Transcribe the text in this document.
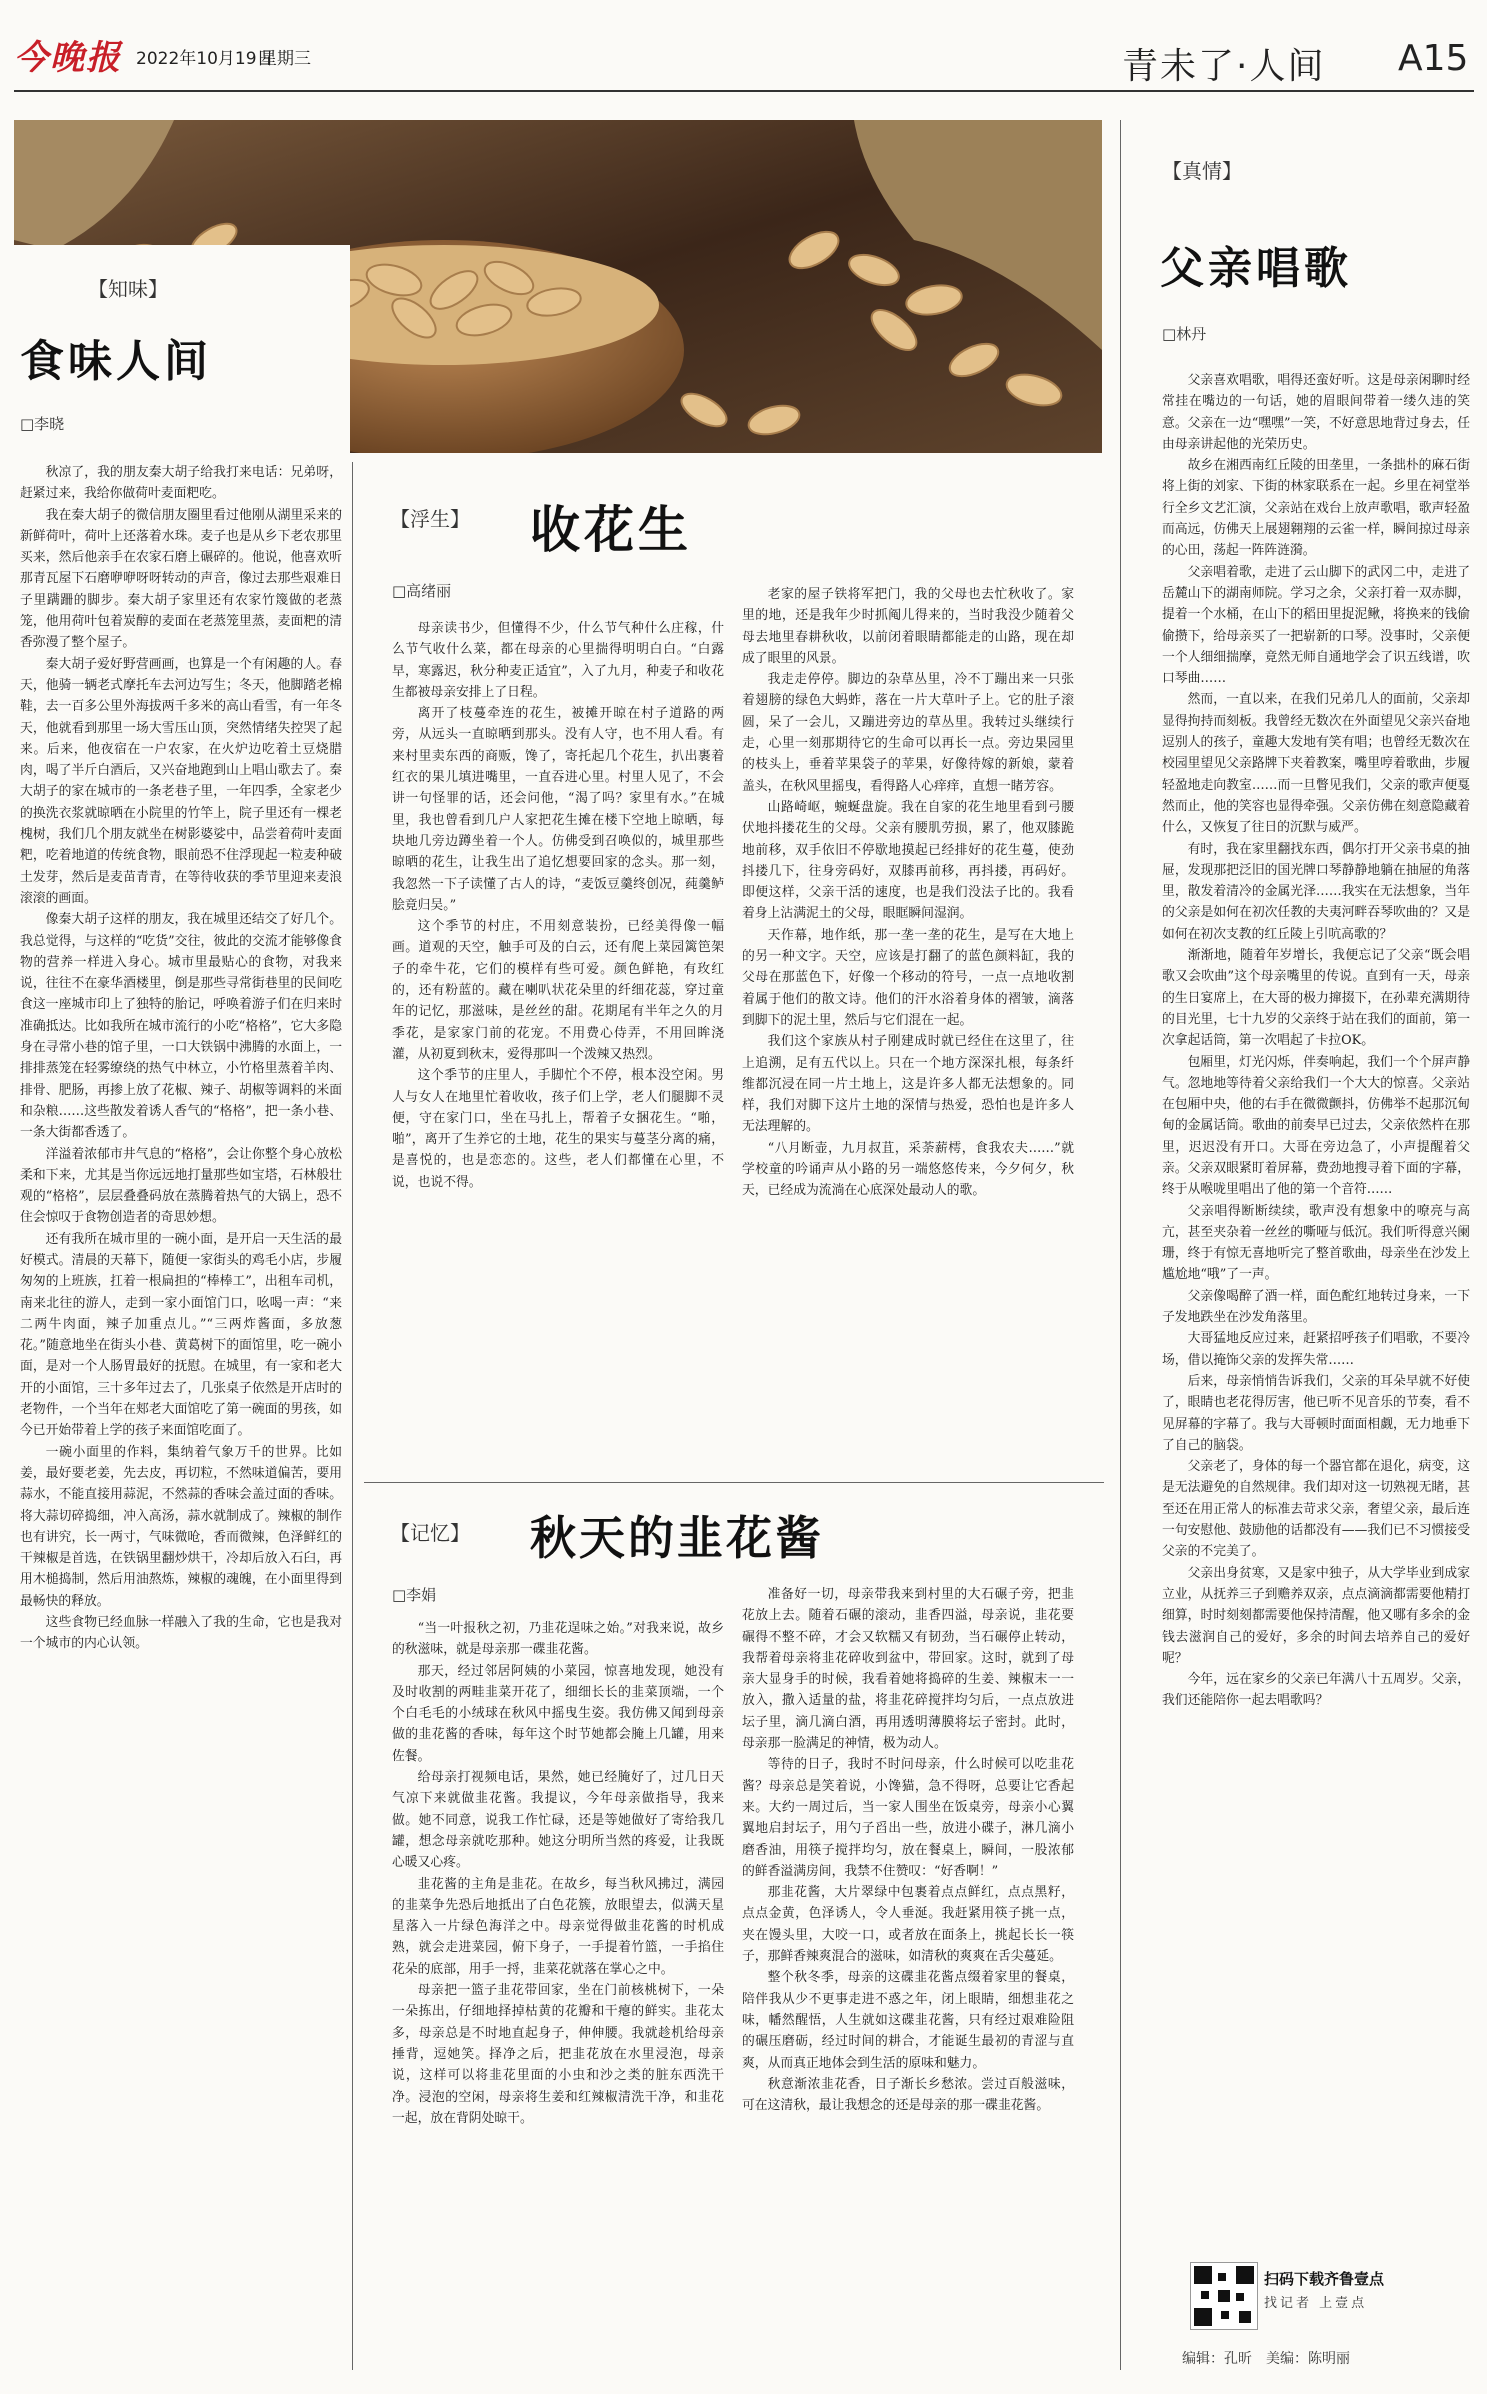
今晚报 2022年10月19日
星期三	青未了·人间 A15
【知味】
食味人间
□李晓

秋凉了，我的朋友秦大胡子给我打来电话：兄弟呀，赶紧过来，我给你做荷叶麦面粑吃。

我在秦大胡子的微信朋友圈里看过他刚从湖里采来的新鲜荷叶，荷叶上还落着水珠。麦子也是从乡下老农那里买来，然后他亲手在农家石磨上碾碎的。他说，他喜欢听那青瓦屋下石磨咿咿呀呀转动的声音，像过去那些艰难日子里蹒跚的脚步。秦大胡子家里还有农家竹篾做的老蒸笼，他用荷叶包着炭醇的麦面在老蒸笼里蒸，麦面粑的清香弥漫了整个屋子。

秦大胡子爱好野营画画，也算是一个有闲趣的人。春天，他骑一辆老式摩托车去河边写生；冬天，他脚踏老棉鞋，去一百多公里外海拔两千多米的高山看雪，有一年冬天，他就看到那里一场大雪压山顶，突然情绪失控哭了起来。后来，他夜宿在一户农家，在火炉边吃着土豆烧腊肉，喝了半斤白酒后，又兴奋地跑到山上唱山歌去了。秦大胡子的家在城市的一条老巷子里，一年四季，全家老少的换洗衣浆就晾晒在小院里的竹竿上，院子里还有一棵老槐树，我们几个朋友就坐在树影婆娑中，品尝着荷叶麦面粑，吃着地道的传统食物，眼前恐不住浮现起一粒麦种破土发芽，然后是麦苗青青，在等待收获的季节里迎来麦浪滚滚的画面。

像秦大胡子这样的朋友，我在城里还结交了好几个。我总觉得，与这样的“吃货”交往，彼此的交流才能够像食物的营养一样进入身心。城市里最贴心的食物，对我来说，往往不在豪华酒楼里，倒是那些寻常街巷里的民间吃食这一座城市印上了独特的胎记，呼唤着游子们在归来时准确抵达。比如我所在城市流行的小吃“格格”，它大多隐身在寻常小巷的馆子里，一口大铁锅中沸腾的水面上，一排排蒸笼在轻雾缭绕的热气中林立，小竹格里蒸着羊肉、排骨、肥肠，再掺上放了花椒、辣子、胡椒等调料的米面和杂粮……这些散发着诱人香气的“格格”，把一条小巷、一条大街都香透了。

洋溢着浓郁市井气息的“格格”，会让你整个身心放松柔和下来，尤其是当你远远地打量那些如宝塔，石林般壮观的“格格”，层层叠叠码放在蒸腾着热气的大锅上，恐不住会惊叹于食物创造者的奇思妙想。

还有我所在城市里的一碗小面，是开启一天生活的最好模式。清晨的天幕下，随便一家街头的鸡毛小店，步履匆匆的上班族，扛着一根扁担的“棒棒工”，出租车司机，南来北往的游人，走到一家小面馆门口，吆喝一声：“来二两牛肉面，辣子加重点儿。”“三两炸酱面，多放葱花。”随意地坐在街头小巷、黄葛树下的面馆里，吃一碗小面，是对一个人肠胃最好的抚慰。在城里，有一家和老大开的小面馆，三十多年过去了，几张桌子依然是开店时的老物件，一个当年在郏老大面馆吃了第一碗面的男孩，如今已开始带着上学的孩子来面馆吃面了。

一碗小面里的作料，集纳着气象万千的世界。比如姜，最好要老姜，先去皮，再切粒，不然味道偏苦，要用蒜水，不能直接用蒜泥，不然蒜的香味会盖过面的香味。将大蒜切碎捣细，冲入高汤，蒜水就制成了。辣椒的制作也有讲究，长一两寸，气味微呛，香而微辣，色泽鲜红的干辣椒是首选，在铁锅里翻炒烘干，冷却后放入石臼，再用木槌捣制，然后用油熬炼，辣椒的魂魄，在小面里得到最畅快的释放。

这些食物已经血脉一样融入了我的生命，它也是我对一个城市的内心认领。

【浮生】 收花生
□高绪丽

母亲读书少，但懂得不少，什么节气种什么庄稼，什么节气收什么菜，都在母亲的心里揣得明明白白。“白露早，寒露迟，秋分种麦正适宜”，入了九月，种麦子和收花生都被母亲安排上了日程。

离开了枝蔓牵连的花生，被摊开晾在村子道路的两旁，从远头一直晾晒到那头。没有人守，也不用人看。有来村里卖东西的商贩，馋了，寄托起几个花生，扒出裹着红衣的果儿填进嘴里，一直吞进心里。村里人见了，不会讲一句怪罪的话，还会问他，“渴了吗？家里有水。”在城里，我也曾看到几户人家把花生摊在楼下空地上晾晒，每块地几旁边蹲坐着一个人。仿佛受到召唤似的，城里那些晾晒的花生，让我生出了追忆想要回家的念头。那一刻，我忽然一下子读懂了古人的诗，“麦饭豆羹终创况，莼羹鲈脍竟归吴。”

这个季节的村庄，不用刻意装扮，已经美得像一幅画。道观的天空，触手可及的白云，还有爬上菜园篱笆架子的牵牛花，它们的模样有些可爱。颜色鲜艳，有玫红的，还有粉蓝的。藏在喇叭状花朵里的纤细花蕊，穿过童年的记忆，那滋味，是丝丝的甜。花期尾有半年之久的月季花，是家家门前的花宠。不用费心侍弄，不用回眸浇灌，从初夏到秋末，爱得那叫一个泼辣又热烈。

这个季节的庄里人，手脚忙个不停，根本没空闲。男人与女人在地里忙着收收，孩子们上学，老人们腿脚不灵便，守在家门口，坐在马扎上，帮着子女捆花生。“啪，啪”，离开了生养它的土地，花生的果实与蔓茎分离的痛，是喜悦的，也是恋恋的。这些，老人们都懂在心里，不说，也说不得。

老家的屋子铁将军把门，我的父母也去忙秋收了。家里的地，还是我年少时抓阄儿得来的，当时我没少随着父母去地里春耕秋收，以前闭着眼睛都能走的山路，现在却成了眼里的风景。

我走走停停。脚边的杂草丛里，冷不丁蹦出来一只张着翅膀的绿色大蚂蚱，落在一片大草叶子上。它的肚子滚圆，呆了一会儿，又蹦进旁边的草丛里。我转过头继续行走，心里一刻那期待它的生命可以再长一点。旁边果园里的枝头上，垂着苹果袋子的苹果，好像待嫁的新娘，蒙着盖头，在秋风里摇曳，看得路人心痒痒，直想一睹芳容。

山路崎岖，蜿蜒盘旋。我在自家的花生地里看到弓腰伏地抖搂花生的父母。父亲有腰肌劳损，累了，他双膝跪地前移，双手依旧不停歇地摸起已经排好的花生蔓，使劲抖搂几下，往身旁码好，双膝再前移，再抖搂，再码好。即便这样，父亲干活的速度，也是我们没法子比的。我看着身上沾满泥土的父母，眼眶瞬间湿润。

天作幕，地作纸，那一垄一垄的花生，是写在大地上的另一种文字。天空，应该是打翻了的蓝色颜料缸，我的父母在那蓝色下，好像一个移动的符号，一点一点地收割着属于他们的散文诗。他们的汗水浴着身体的褶皱，滴落到脚下的泥土里，然后与它们混在一起。

我们这个家族从村子刚建成时就已经住在这里了，往上追溯，足有五代以上。只在一个地方深深扎根，每条纤维都沉浸在同一片土地上，这是许多人都无法想象的。同样，我们对脚下这片土地的深情与热爱，恐怕也是许多人无法理解的。

“八月断壶，九月叔苴，采荼薪樗，食我农夫……”就学校童的吟诵声从小路的另一端悠悠传来，今夕何夕，秋天，已经成为流淌在心底深处最动人的歌。

【记忆】 秋天的韭花酱
□李娟

“当一叶报秋之初，乃韭花逞味之始。”对我来说，故乡的秋滋味，就是母亲那一碟韭花酱。

那天，经过邻居阿姨的小菜园，惊喜地发现，她没有及时收割的两畦韭菜开花了，细细长长的韭菜顶端，一个个白毛毛的小绒球在秋风中摇曳生姿。我仿佛又闻到母亲做的韭花酱的香味，每年这个时节她都会腌上几罐，用来佐餐。

给母亲打视频电话，果然，她已经腌好了，过几日天气凉下来就做韭花酱。我提议，今年母亲做指导，我来做。她不同意，说我工作忙碌，还是等她做好了寄给我几罐，想念母亲就吃那种。她这分明所当然的疼爱，让我既心暖又心疼。

韭花酱的主角是韭花。在故乡，每当秋风拂过，满园的韭菜争先恐后地抵出了白色花簇，放眼望去，似满天星星落入一片绿色海洋之中。母亲觉得做韭花酱的时机成熟，就会走进菜园，俯下身子，一手提着竹篮，一手掐住花朵的底部，用手一捋，韭菜花就落在掌心之中。

母亲把一篮子韭花带回家，坐在门前核桃树下，一朵一朵拣出，仔细地择掉枯黄的花瓣和干瘪的鲜实。韭花太多，母亲总是不时地直起身子，伸伸腰。我就趁机给母亲捶背，逗她笑。择净之后，把韭花放在水里浸泡，母亲说，这样可以将韭花里面的小虫和沙之类的脏东西洗干净。浸泡的空闲，母亲将生姜和红辣椒清洗干净，和韭花一起，放在背阴处晾干。

准备好一切，母亲带我来到村里的大石碾子旁，把韭花放上去。随着石碾的滚动，韭香四溢，母亲说，韭花要碾得不整不碎，才会又软糯又有韧劲，当石碾停止转动，我帮着母亲将韭花碎收到盆中，带回家。这时，就到了母亲大显身手的时候，我看着她将捣碎的生姜、辣椒末一一放入，撒入适量的盐，将韭花碎搅拌均匀后，一点点放进坛子里，滴几滴白酒，再用透明薄膜将坛子密封。此时，母亲那一脸满足的神情，极为动人。

等待的日子，我时不时问母亲，什么时候可以吃韭花酱？母亲总是笑着说，小馋猫，急不得呀，总要让它香起来。大约一周过后，当一家人围坐在饭桌旁，母亲小心翼翼地启封坛子，用勺子舀出一些，放进小碟子，淋几滴小磨香油，用筷子搅拌均匀，放在餐桌上，瞬间，一股浓郁的鲜香溢满房间，我禁不住赞叹：“好香啊！”

那韭花酱，大片翠绿中包裹着点点鲜红，点点黑籽，点点金黄，色泽诱人，令人垂涎。我赶紧用筷子挑一点，夹在馒头里，大咬一口，或者放在面条上，挑起长长一筷子，那鲜香辣爽混合的滋味，如清秋的爽爽在舌尖蔓延。

整个秋冬季，母亲的这碟韭花酱点缀着家里的餐桌，陪伴我从少不更事走进不惑之年，闭上眼睛，细想韭花之味，幡然醒悟，人生就如这碟韭花酱，只有经过艰难险阻的碾压磨砺，经过时间的耕合，才能诞生最初的青涩与直爽，从而真正地体会到生活的原味和魅力。

秋意渐浓韭花香，日子渐长乡愁浓。尝过百般滋味，可在这清秋，最让我想念的还是母亲的那一碟韭花酱。

【真情】
父亲唱歌
□林丹

父亲喜欢唱歌，唱得还蛮好听。这是母亲闲聊时经常挂在嘴边的一句话，她的眉眼间带着一缕久违的笑意。父亲在一边“嘿嘿”一笑，不好意思地背过身去，任由母亲讲起他的光荣历史。

故乡在湘西南红丘陵的田垄里，一条拙朴的麻石街将上街的刘家、下街的林家联系在一起。乡里在祠堂举行全乡文艺汇演，父亲站在戏台上放声歌唱，歌声轻盈而高远，仿佛天上展翅翱翔的云雀一样，瞬间掠过母亲的心田，荡起一阵阵涟漪。

父亲唱着歌，走进了云山脚下的武冈二中，走进了岳麓山下的湖南师院。学习之余，父亲打着一双赤脚，提着一个水桶，在山下的稻田里捉泥鳅，将换来的钱偷偷攒下，给母亲买了一把崭新的口琴。没事时，父亲便一个人细细揣摩，竟然无师自通地学会了识五线谱，吹口琴曲……

然而，一直以来，在我们兄弟几人的面前，父亲却显得拘持而刻板。我曾经无数次在外面望见父亲兴奋地逗别人的孩子，童趣大发地有笑有唱；也曾经无数次在校园里望见父亲路牌下夹着教案，嘴里哼着歌曲，步履轻盈地走向教室……而一旦瞥见我们，父亲的歌声便戛然而止，他的笑容也显得牵强。父亲仿佛在刻意隐藏着什么，又恢复了往日的沉默与威严。

有时，我在家里翻找东西，偶尔打开父亲书桌的抽屉，发现那把泛旧的国光牌口琴静静地躺在抽屉的角落里，散发着清冷的金属光泽……我实在无法想象，当年的父亲是如何在初次任教的夫夷河畔吞琴吹曲的？又是如何在初次支教的红丘陵上引吭高歌的？

渐渐地，随着年岁增长，我便忘记了父亲“既会唱歌又会吹曲”这个母亲嘴里的传说。直到有一天，母亲的生日宴席上，在大哥的极力撺掇下，在孙辈充满期待的目光里，七十九岁的父亲终于站在我们的面前，第一次拿起话筒，第一次唱起了卡拉OK。

包厢里，灯光闪烁，伴奏响起，我们一个个屏声静气。忽地地等待着父亲给我们一个大大的惊喜。父亲站在包厢中央，他的右手在微微颤抖，仿佛举不起那沉甸甸的金属话筒。歌曲的前奏早已过去，父亲依然杵在那里，迟迟没有开口。大哥在旁边急了，小声提醒着父亲。父亲双眼紧盯着屏幕，费劲地搜寻着下面的字幕，终于从喉咙里唱出了他的第一个音符……

父亲唱得断断续续，歌声没有想象中的嘹亮与高亢，甚至夹杂着一丝丝的嘶哑与低沉。我们听得意兴阑珊，终于有惊无喜地听完了整首歌曲，母亲坐在沙发上尴尬地“哦”了一声。

父亲像喝醉了酒一样，面色酡红地转过身来，一下子发地跌坐在沙发角落里。

大哥猛地反应过来，赶紧招呼孩子们唱歌，不要冷场，借以掩饰父亲的发挥失常……

后来，母亲悄悄告诉我们，父亲的耳朵早就不好使了，眼睛也老花得厉害，他已听不见音乐的节奏，看不见屏幕的字幕了。我与大哥顿时面面相觑，无力地垂下了自己的脑袋。

父亲老了，身体的每一个器官都在退化，病变，这是无法避免的自然规律。我们却对这一切熟视无睹，甚至还在用正常人的标准去苛求父亲，奢望父亲，最后连一句安慰他、鼓励他的话都没有——我们已不习惯接受父亲的不完美了。

父亲出身贫寒，又是家中独子，从大学毕业到成家立业，从抚养三子到赡养双亲，点点滴滴都需要他精打细算，时时刻刻都需要他保持清醒，他又哪有多余的金钱去滋润自己的爱好，多余的时间去培养自己的爱好呢？

今年，远在家乡的父亲已年满八十五周岁。父亲，我们还能陪你一起去唱歌吗？

扫码下载齐鲁壹点
找记者 上壹点
编辑：孔昕　美编：陈明丽
